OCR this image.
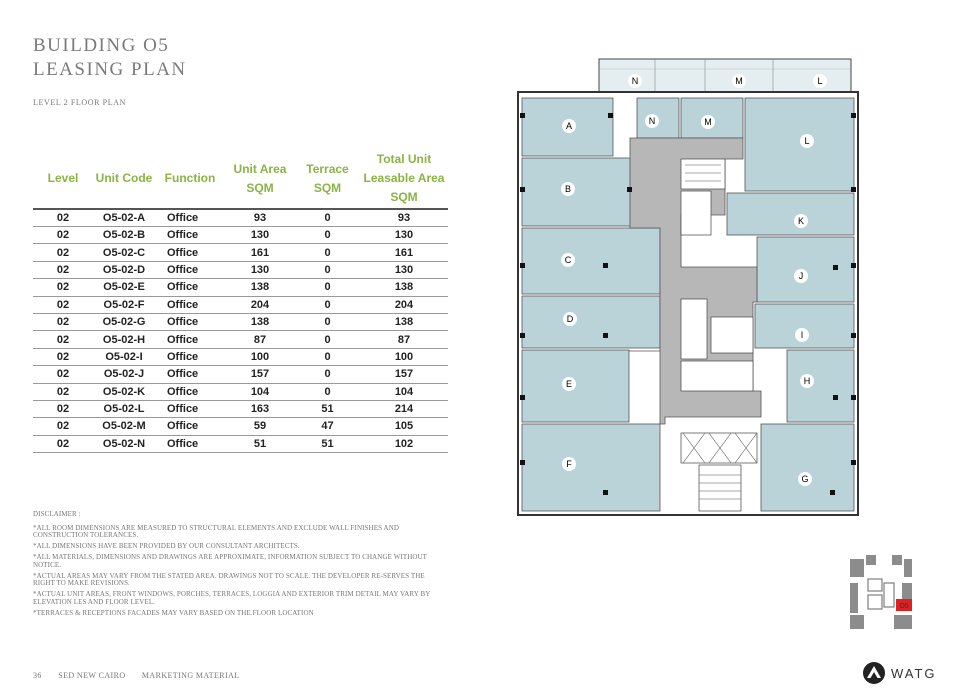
BUILDING O5
LEASING PLAN
LEVEL 2 FLOOR PLAN
Level	Unit Code	Function	Unit Area SQM	Terrace SQM	Total Unit Leasable Area SQM
02	O5-02-A	Office	93	0	93
02	O5-02-B	Office	130	0	130
02	O5-02-C	Office	161	0	161
02	O5-02-D	Office	130	0	130
02	O5-02-E	Office	138	0	138
02	O5-02-F	Office	204	0	204
02	O5-02-G	Office	138	0	138
02	O5-02-H	Office	87	0	87
02	O5-02-I	Office	100	0	100
02	O5-02-J	Office	157	0	157
02	O5-02-K	Office	104	0	104
02	O5-02-L	Office	163	51	214
02	O5-02-M	Office	59	47	105
02	O5-02-N	Office	51	51	102

DISCLAIMER :

*ALL ROOM DIMENSIONS ARE MEASURED TO STRUCTURAL ELEMENTS AND EXCLUDE WALL FINISHES AND CONSTRUCTION TOLERANCES.

*ALL DIMENSIONS HAVE BEEN PROVIDED BY OUR CONSULTANT ARCHITECTS.

*ALL MATERIALS, DIMENSIONS AND DRAWINGS ARE APPROXIMATE, INFORMATION SUBJECT TO CHANGE WITHOUT NOTICE.

*ACTUAL AREAS MAY VARY FROM THE STATED AREA. DRAWINGS NOT TO SCALE. THE DEVELOPER RE-SERVES THE RIGHT TO MAKE REVISIONS.

*ACTUAL UNIT AREAS, FRONT WINDOWS, PORCHES, TERRACES, LOGGIA AND EXTERIOR TRIM DETAIL MAY VARY BY ELEVATION LES AND FLOOR LEVEL.

*TERRACES & RECEPTIONS FACADES MAY VARY BASED ON THE.FLOOR LOCATION

36 SED NEW CAIRO MARKETING MATERIAL	WATG
A
B
C
D
E
F
G
H
I
J
K
L
M
N
N	M	L
O5
